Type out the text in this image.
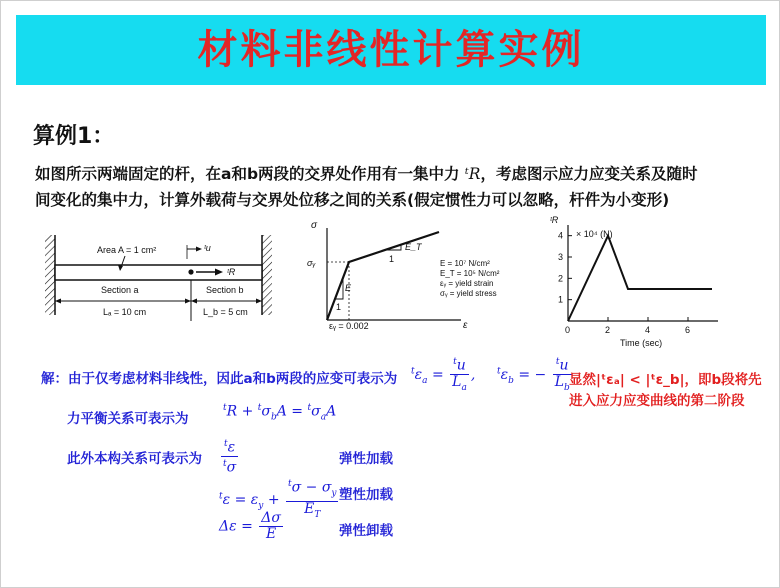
材料非线性计算实例
算例1：
如图所示两端固定的杆，在a和b两段的交界处作用有一集中力 ᵗR，考虑图示应力应变关系及随时
间变化的集中力，计算外载荷与交界处位移之间的关系(假定惯性力可以忽略，杆件为小变形)
Area A = 1 cm²	ᵗu
ᵗR
Section a	Section b
Lₐ = 10 cm	L_b = 5 cm
σ
ε
σᵧ
E
1
E_T
1
εᵧ = 0.002
E = 10⁷ N/cm²
E_T = 10⁵ N/cm²
εᵧ = yield strain
σᵧ = yield stress
1
2
3
4
0	2	4	6
ᵗR
× 10⁴ (N)
Time (sec)
解：由于仅考虑材料非线性，因此a和b两段的应变可表示为 $^t\varepsilon_a = \frac{^tu}{L_a}$ , $^t\varepsilon_b$ = − $\frac{^tu}{L_b}$
显然|ᵗεₐ| < |ᵗε_b|，即b段将先
进入应力应变曲线的第二阶段
力平衡关系可表示为
$^tR + ^t\sigma_bA = ^t\sigma_aA$
此外本构关系可表示为 $\frac{^t\varepsilon}{^t\sigma}$	弹性加载
$^t\varepsilon = \varepsilon_y + \frac{^t\sigma - \sigma_y}{E_T}$ 塑性加载
$\Delta\varepsilon = \frac{\Delta\sigma}{E}$	弹性卸载
